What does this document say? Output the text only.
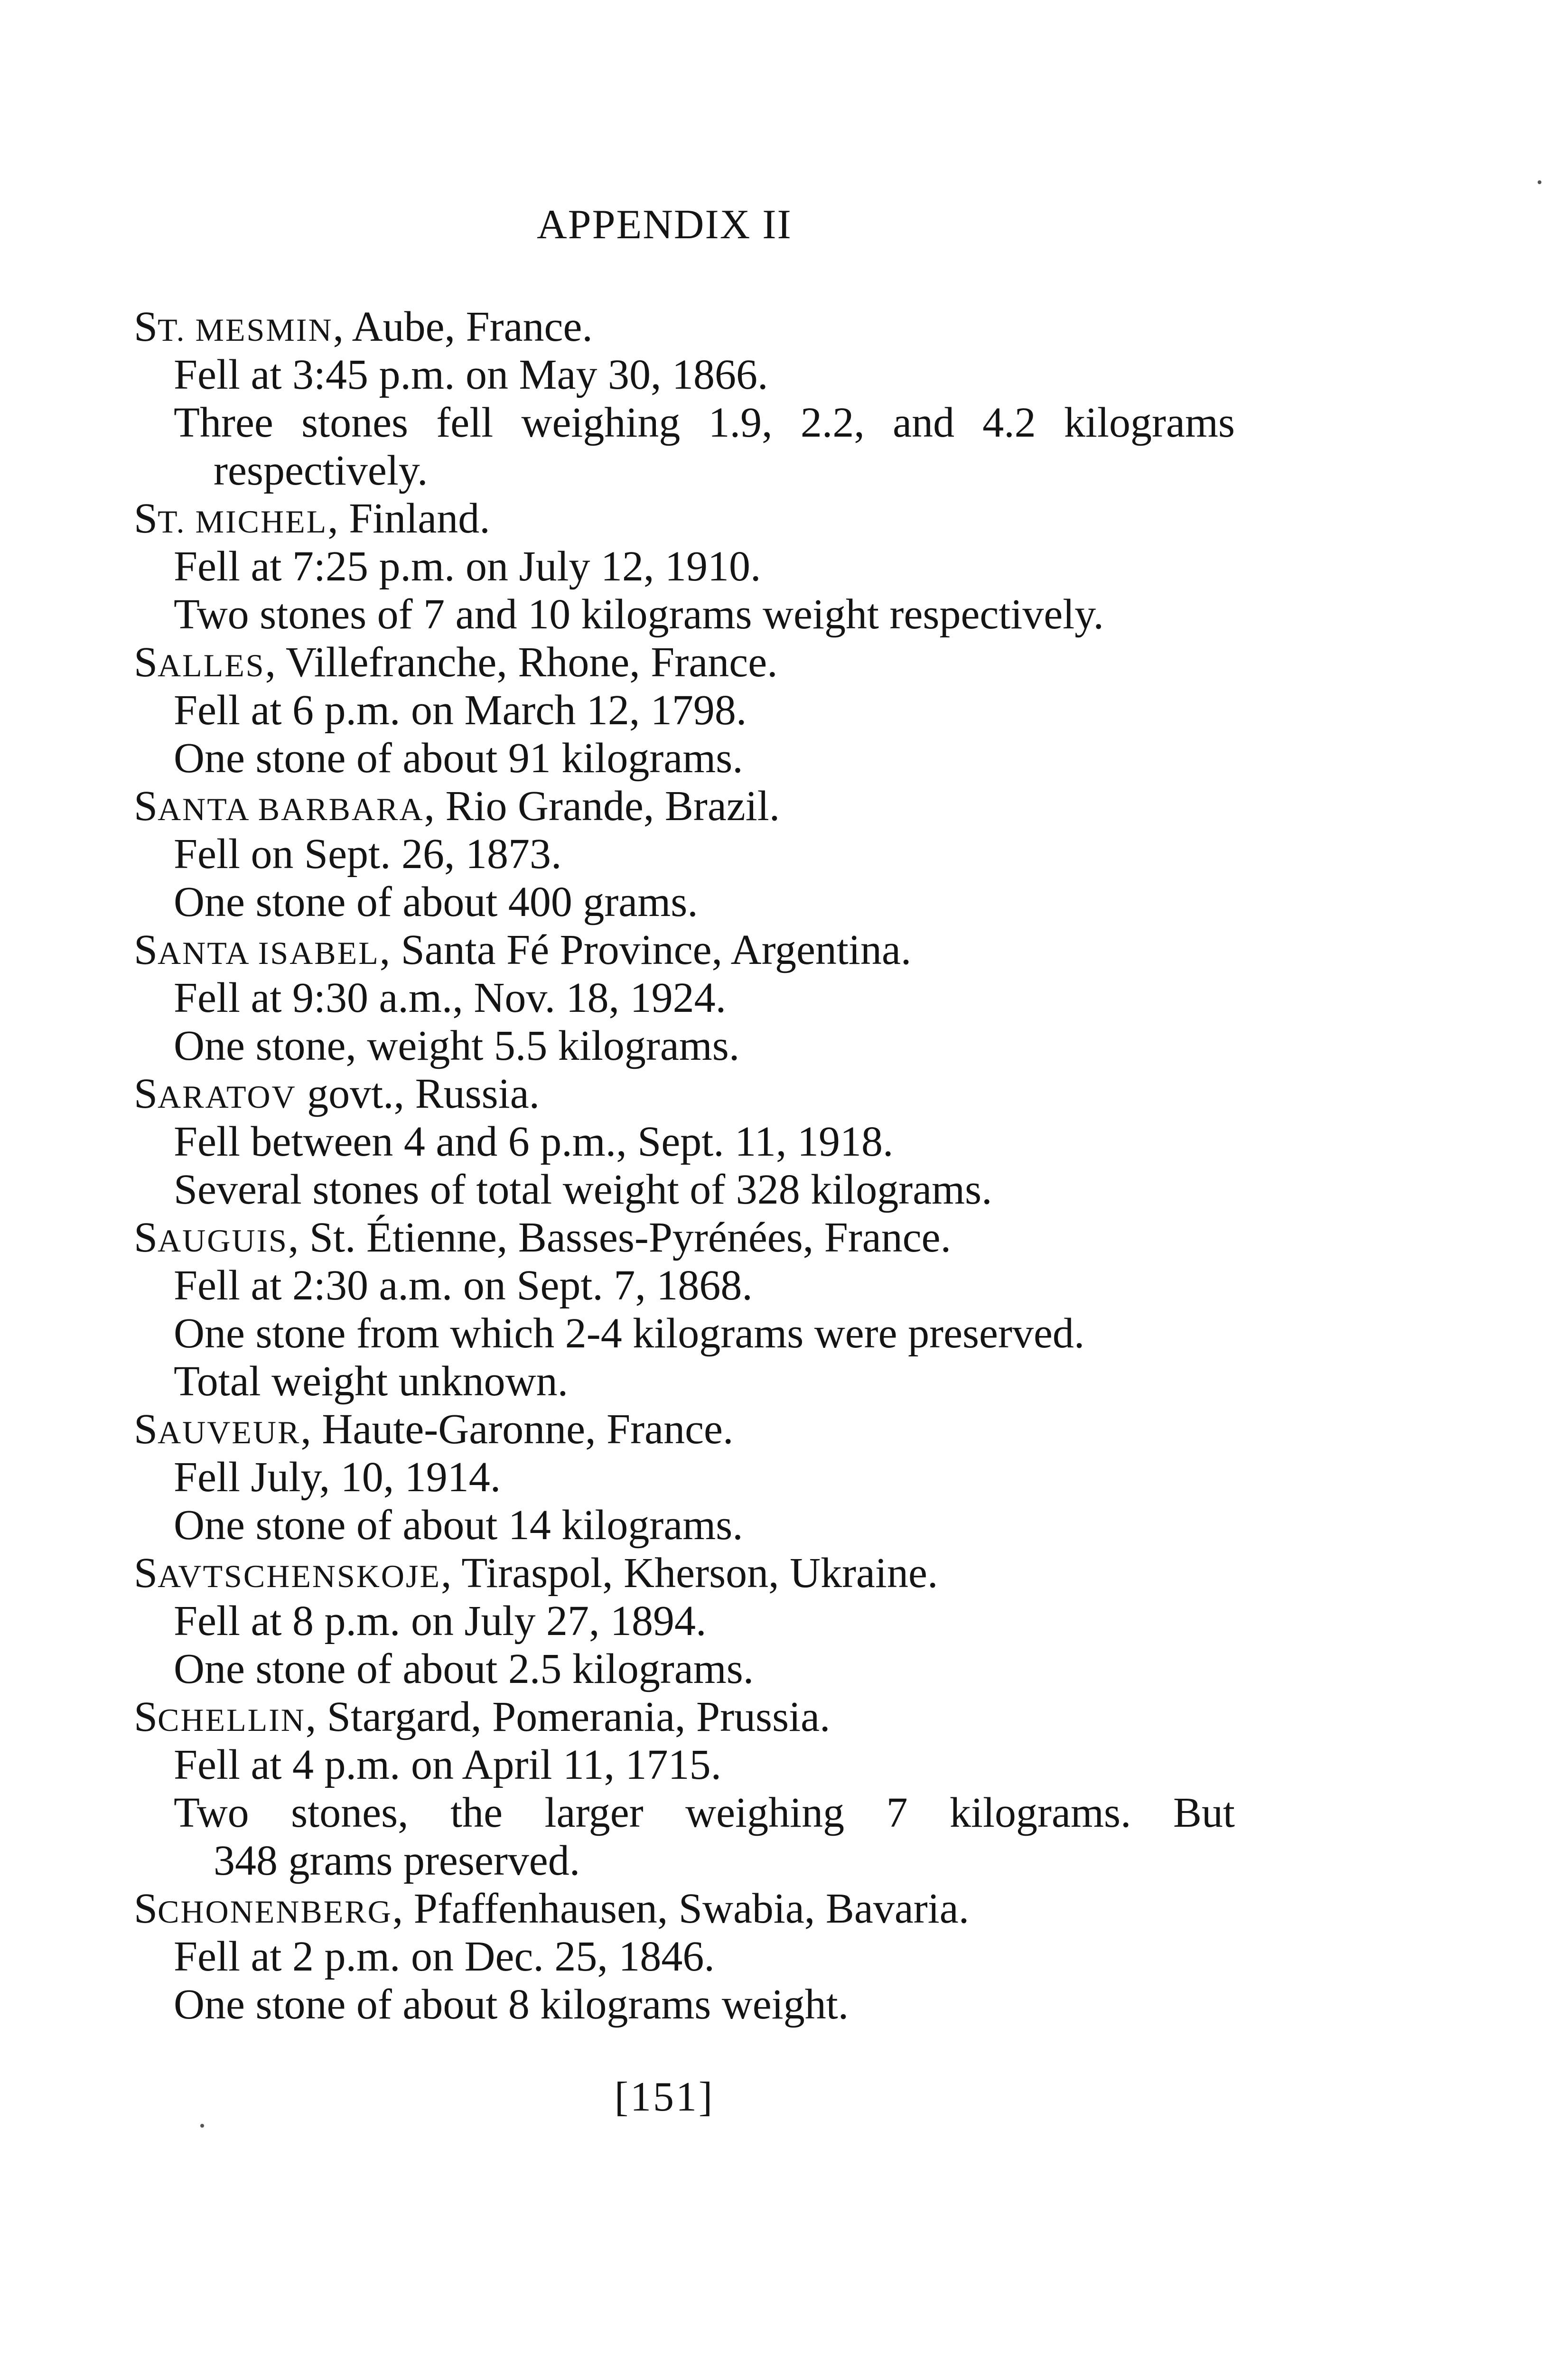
APPENDIX II
ST. MESMIN, Aube, France.
Fell at 3:45 p.m. on May 30, 1866.
Three stones fell weighing 1.9, 2.2, and 4.2 kilograms
respectively.
ST. MICHEL, Finland.
Fell at 7:25 p.m. on July 12, 1910.
Two stones of 7 and 10 kilograms weight respectively.
SALLES, Villefranche, Rhone, France.
Fell at 6 p.m. on March 12, 1798.
One stone of about 91 kilograms.
SANTA BARBARA, Rio Grande, Brazil.
Fell on Sept. 26, 1873.
One stone of about 400 grams.
SANTA ISABEL, Santa Fé Province, Argentina.
Fell at 9:30 a.m., Nov. 18, 1924.
One stone, weight 5.5 kilograms.
SARATOV govt., Russia.
Fell between 4 and 6 p.m., Sept. 11, 1918.
Several stones of total weight of 328 kilograms.
SAUGUIS, St. Étienne, Basses-Pyrénées, France.
Fell at 2:30 a.m. on Sept. 7, 1868.
One stone from which 2-4 kilograms were preserved.
Total weight unknown.
SAUVEUR, Haute-Garonne, France.
Fell July, 10, 1914.
One stone of about 14 kilograms.
SAVTSCHENSKOJE, Tiraspol, Kherson, Ukraine.
Fell at 8 p.m. on July 27, 1894.
One stone of about 2.5 kilograms.
SCHELLIN, Stargard, Pomerania, Prussia.
Fell at 4 p.m. on April 11, 1715.
Two stones, the larger weighing 7 kilograms. But
348 grams preserved.
SCHONENBERG, Pfaffenhausen, Swabia, Bavaria.
Fell at 2 p.m. on Dec. 25, 1846.
One stone of about 8 kilograms weight.
[151]
